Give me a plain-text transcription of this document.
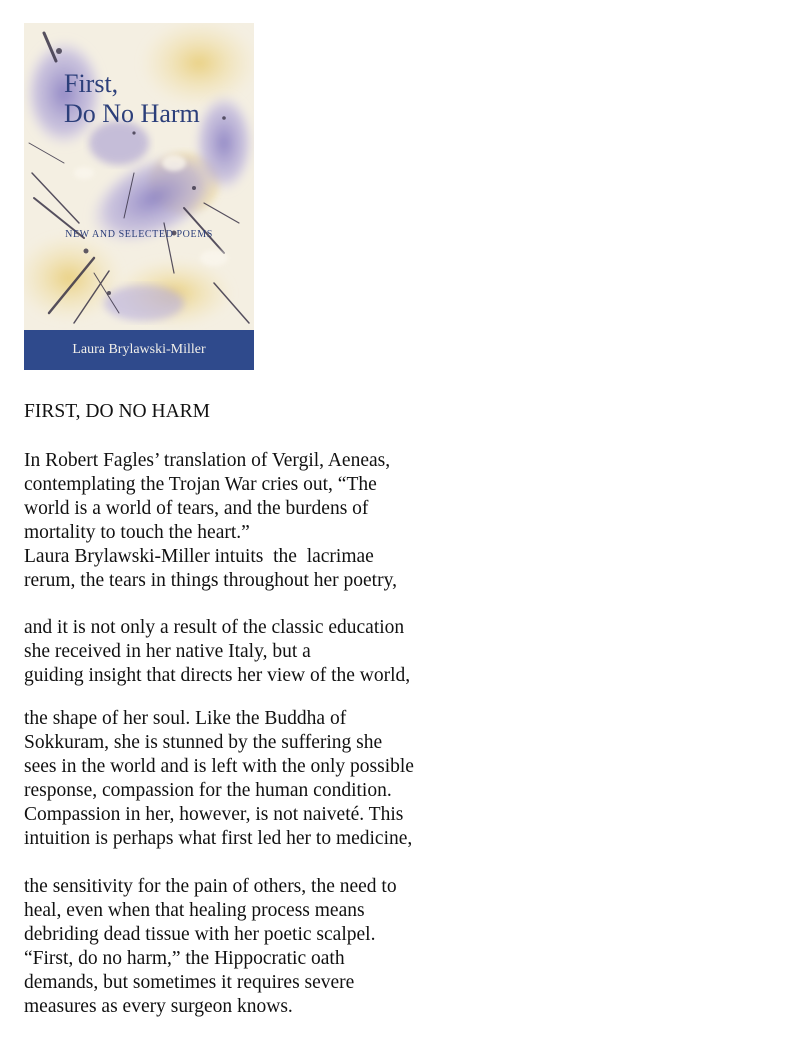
First,
Do No Harm
NEW AND SELECTED POEMS
Laura Brylawski-Miller
FIRST, DO NO HARM
In Robert Fagles’ translation of Vergil, Aeneas,
contemplating the Trojan War cries out, “The
world is a world of tears, and the burdens of
mortality to touch the heart.”
Laura Brylawski-Miller intuits  the  lacrimae
rerum, the tears in things throughout her poetry,
and it is not only a result of the classic education
she received in her native Italy, but a
guiding insight that directs her view of the world,
the shape of her soul. Like the Buddha of
Sokkuram, she is stunned by the suffering she
sees in the world and is left with the only possible
response, compassion for the human condition.
Compassion in her, however, is not naiveté. This
intuition is perhaps what first led her to medicine,
the sensitivity for the pain of others, the need to
heal, even when that healing process means
debriding dead tissue with her poetic scalpel.
“First, do no harm,” the Hippocratic oath
demands, but sometimes it requires severe
measures as every surgeon knows.
